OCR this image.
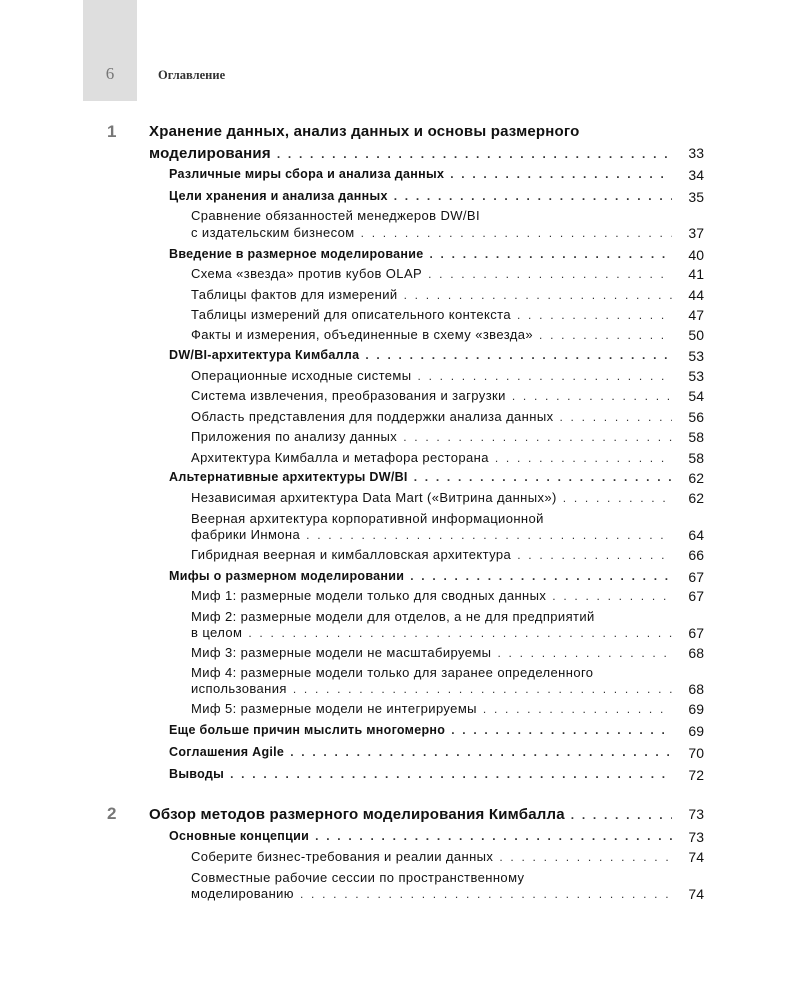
6	Оглавление
1 Хранение данных, анализ данных и основы размерного
моделирования . . .	33
Различные миры сбора и анализа данных . . .	34
Цели хранения и анализа данных . . .	35
Сравнение обязанностей менеджеров DW/BI
с издательским бизнесом . . .	37
Введение в размерное моделирование . . .	40
Схема «звезда» против кубов OLAP . . .	41
Таблицы фактов для измерений . . .	44
Таблицы измерений для описательного контекста . . .	47
Факты и измерения, объединенные в схему «звезда» . . .	50
DW/BI-архитектура Кимбалла . . .	53
Операционные исходные системы . . .	53
Система извлечения, преобразования и загрузки . . .	54
Область представления для поддержки анализа данных . . .	56
Приложения по анализу данных . . .	58
Архитектура Кимбалла и метафора ресторана . . .	58
Альтернативные архитектуры DW/BI . . .	62
Независимая архитектура Data Mart («Витрина данных») . . .	62
Веерная архитектура корпоративной информационной
фабрики Инмона . . .	64
Гибридная веерная и кимбалловская архитектура . . .	66
Мифы о размерном моделировании . . .	67
Миф 1: размерные модели только для сводных данных . . .	67
Миф 2: размерные модели для отделов, а не для предприятий
в целом . . .	67
Миф 3: размерные модели не масштабируемы . . .	68
Миф 4: размерные модели только для заранее определенного
использования . . .	68
Миф 5: размерные модели не интегрируемы . . .	69
Еще больше причин мыслить многомерно . . .	69
Соглашения Agile . . .	70
Выводы . . .	72
2 Обзор методов размерного моделирования Кимбалла . . .	73
Основные концепции . . .	73
Соберите бизнес-требования и реалии данных . . .	74
Совместные рабочие сессии по пространственному
моделированию . . .	74
